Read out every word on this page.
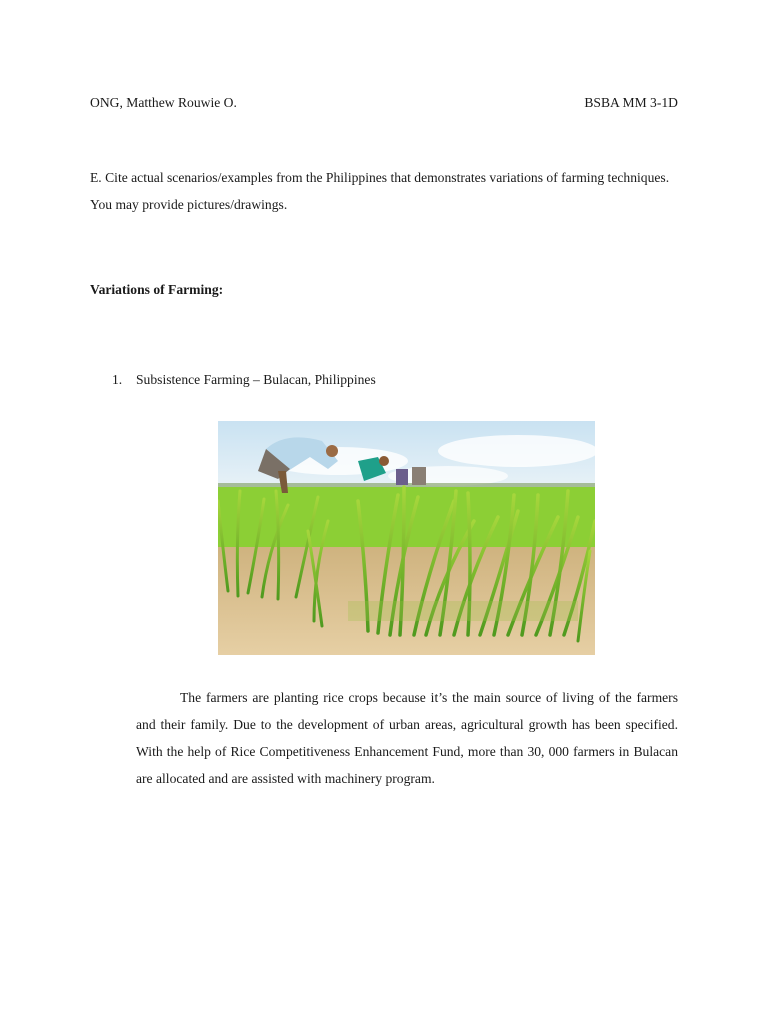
ONG, Matthew Rouwie O.	BSBA MM 3-1D
E. Cite actual scenarios/examples from the Philippines that demonstrates variations of farming techniques. You may provide pictures/drawings.
Variations of Farming:
1.	Subsistence Farming – Bulacan, Philippines
The farmers are planting rice crops because it’s the main source of living of the farmers and their family. Due to the development of urban areas, agricultural growth has been specified. With the help of Rice Competitiveness Enhancement Fund, more than 30, 000 farmers in Bulacan are allocated and are assisted with machinery program.
